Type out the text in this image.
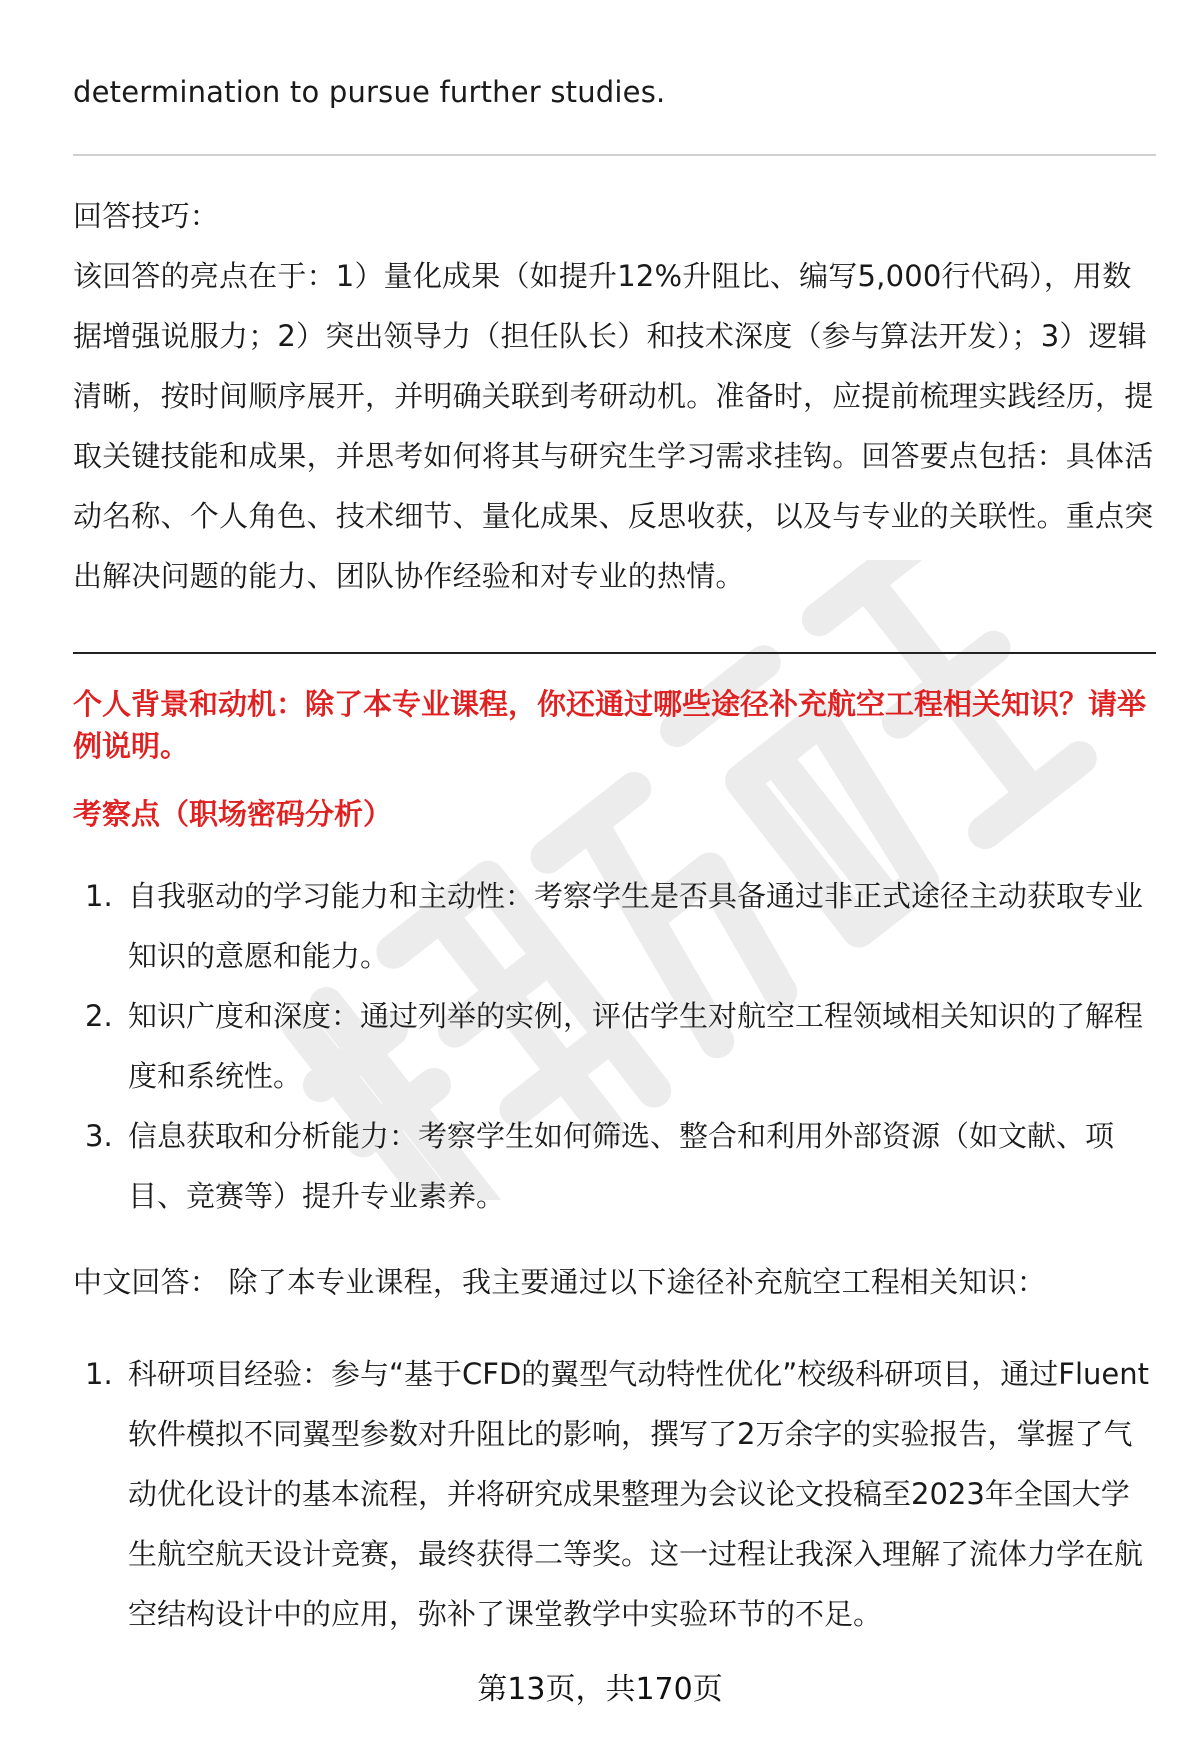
determination to pursue further studies.

回答技巧：

该回答的亮点在于：1）量化成果（如提升12%升阻比、编写5,000行代码），用数据增强说服力；2）突出领导力（担任队长）和技术深度（参与算法开发）；3）逻辑清晰，按时间顺序展开，并明确关联到考研动机。准备时，应提前梳理实践经历，提取关键技能和成果，并思考如何将其与研究生学习需求挂钩。回答要点包括：具体活动名称、个人角色、技术细节、量化成果、反思收获，以及与专业的关联性。重点突出解决问题的能力、团队协作经验和对专业的热情。

个人背景和动机：除了本专业课程，你还通过哪些途径补充航空工程相关知识？请举例说明。

考察点（职场密码分析）

1. 自我驱动的学习能力和主动性：考察学生是否具备通过非正式途径主动获取专业知识的意愿和能力。
2. 知识广度和深度：通过列举的实例，评估学生对航空工程领域相关知识的了解程度和系统性。
3. 信息获取和分析能力：考察学生如何筛选、整合和利用外部资源（如文献、项目、竞赛等）提升专业素养。

中文回答： 除了本专业课程，我主要通过以下途径补充航空工程相关知识：

1. 科研项目经验：参与“基于CFD的翼型气动特性优化”校级科研项目，通过Fluent软件模拟不同翼型参数对升阻比的影响，撰写了2万余字的实验报告，掌握了气动优化设计的基本流程，并将研究成果整理为会议论文投稿至2023年全国大学生航空航天设计竞赛，最终获得二等奖。这一过程让我深入理解了流体力学在航空结构设计中的应用，弥补了课堂教学中实验环节的不足。
第13页，共170页
